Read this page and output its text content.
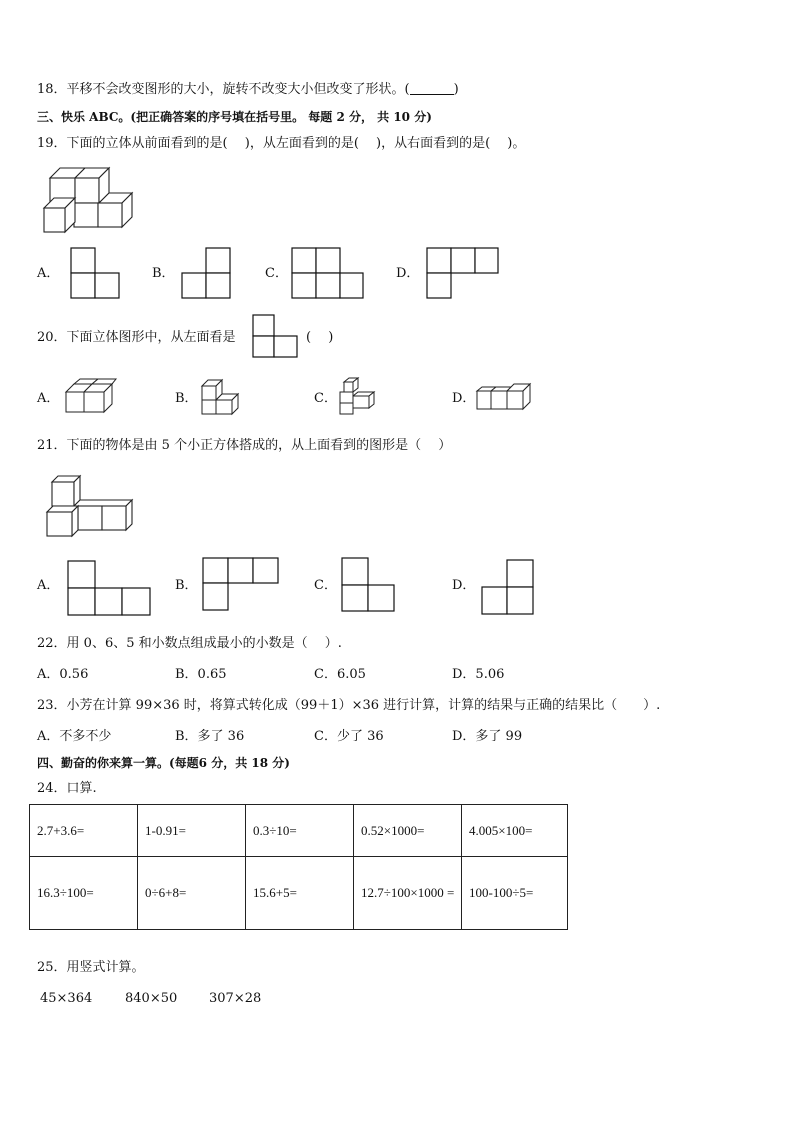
18．平移不会改变图形的大小，旋转不改变大小但改变了形状。(	)
三、快乐 ABC。(把正确答案的序号填在括号里。 每题 2 分， 共 10 分)
19．下面的立体从前面看到的是(　 )，从左面看到的是(　 )，从右面看到的是(　 )。
A．	B．	C．	D．
20．下面立体图形中，从左面看是	(　 )
A．	B．	C．	D．
21．下面的物体是由 5 个小正方体搭成的，从上面看到的图形是（　 ）
A．	B．	C．	D．
22．用 0、6、5 和小数点组成最小的小数是（　 ）.
A．0.56	B．0.65	C．6.05	D．5.06
23．小芳在计算 99×36 时，将算式转化成（99＋1）×36 进行计算，计算的结果与正确的结果比（　　）.
A．不多不少	B．多了 36	C．少了 36	D．多了 99
四、勤奋的你来算一算。(每题6 分，共 18 分)
24．口算.
2.7+3.6=	1-0.91=	0.3÷10=	0.52×1000=	4.005×100=
16.3÷100=	0÷6+8=	15.6+5=	12.7÷100×1000 =	100-100÷5=
25．用竖式计算。
45×364	840×50 307×28
